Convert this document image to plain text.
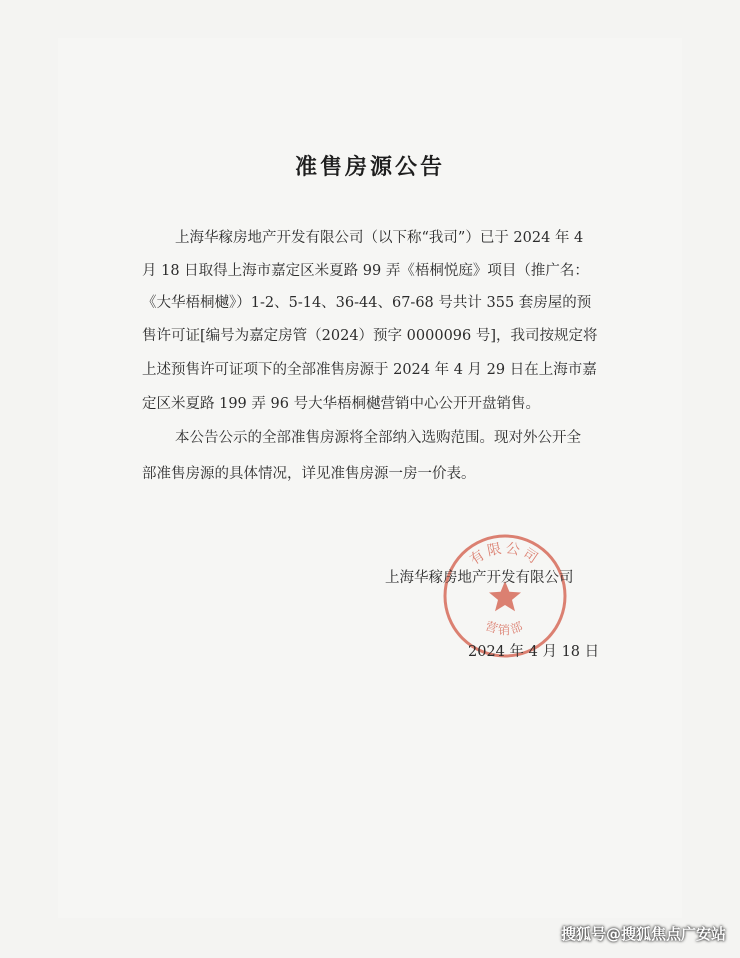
准售房源公告
上海华稼房地产开发有限公司（以下称“我司”）已于 2024 年 4
月 18 日取得上海市嘉定区米夏路 99 弄《梧桐悦庭》项目（推广名：
《大华梧桐樾》）1-2、5-14、36-44、67-68 号共计 355 套房屋的预
售许可证[编号为嘉定房管（2024）预字 0000096 号]，我司按规定将
上述预售许可证项下的全部准售房源于 2024 年 4 月 29 日在上海市嘉
定区米夏路 199 弄 96 号大华梧桐樾营销中心公开开盘销售。
本公告公示的全部准售房源将全部纳入选购范围。现对外公开全
部准售房源的具体情况，详见准售房源一房一价表。
有限公司
营销部
上海华稼房地产开发有限公司
2024 年 4 月 18 日
搜狐号@搜狐焦点广安站
